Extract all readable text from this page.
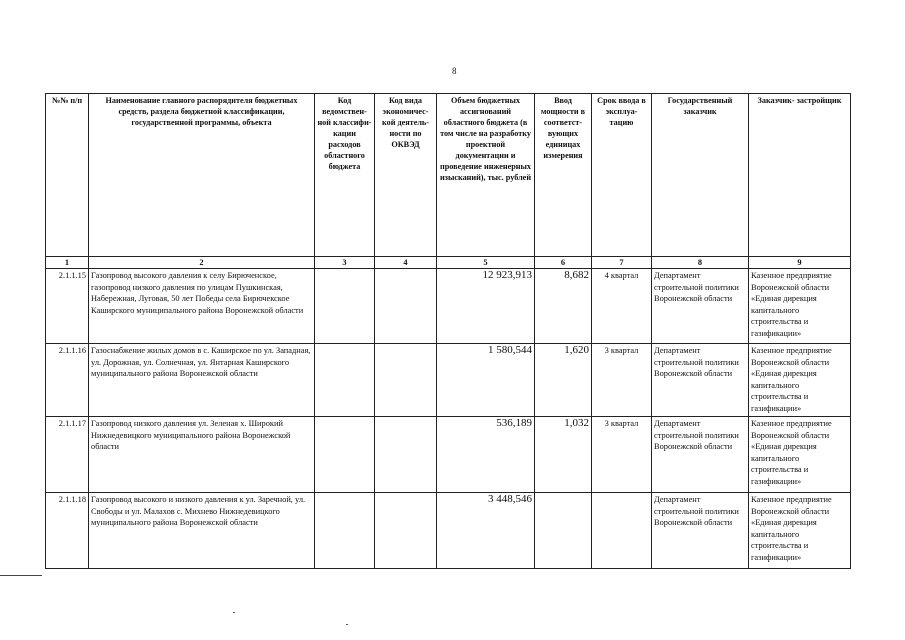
8
№№ п/п	Наименование главного распорядителя бюджетных средств, раздела бюджетной классификации, государственной программы, объекта	Код ведомствен- ной классифи- кации расходов областного бюджета	Код вида экономичес- кой деятель- ности по ОКВЭД	Объем бюджетных ассигнований областного бюджета (в том числе на разработку проектной документации и проведение инженерных изысканий), тыс. рублей	Ввод мощности в соответст- вующих единицах измерения	Срок ввода в эксплуа- тацию	Государственный заказчик	Заказчик- застройщик
1	2	3	4	5	6	7	8	9
2.1.1.15	Газопровод высокого давления к селу Бирюченское, газопровод низкого давления по улицам Пушкинская, Набережная, Луговая, 50 лет Победы села Бирючекское Каширского муниципального района Воронежской области			12 923,913	8,682	4 квартал	Департамент строительной политики Воронежской области	Казенное предприятие Воронежской области «Единая дирекция капитального строительства и газификации»
2.1.1.16	Газоснабжение жилых домов в с. Каширское по ул. Западная, ул. Дорожная, ул. Солнечная, ул. Янтарная Каширского муниципального района Воронежской области			1 580,544	1,620	3 квартал	Департамент строительной политики Воронежской области	Казенное предприятие Воронежской области «Единая дирекция капитального строительства и газификации»
2.1.1.17	Газопровод низкого давления ул. Зеленая х. Широкий Нижнедевицкого муниципального района Воронежской области			536,189	1,032	3 квартал	Департамент строительной политики Воронежской области	Казенное предприятие Воронежской области «Единая дирекция капитального строительства и газификации»
2.1.1.18	Газопровод высокого и низкого давления к ул. Заречной, ул. Свободы и ул. Малахов с. Михнево Нижнедевицкого муниципального района Воронежской области			3 448,546			Департамент строительной политики Воронежской области	Казенное предприятие Воронежской области «Единая дирекция капитального строительства и газификации»
